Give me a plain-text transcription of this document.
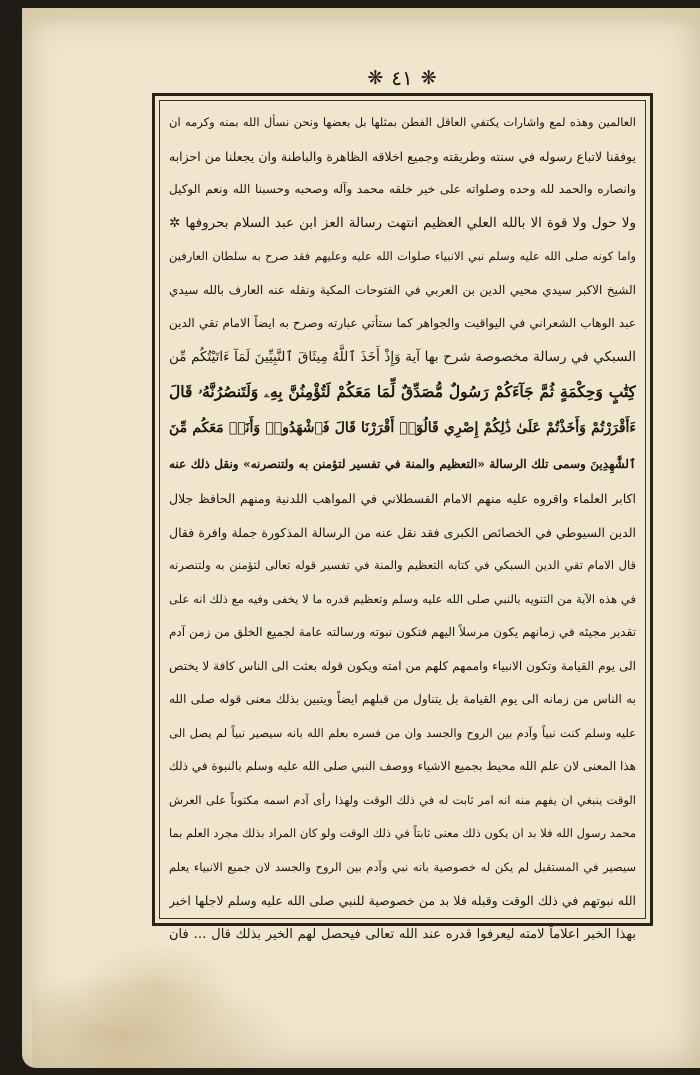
❋ ٤١ ❋
العالمين وهذه لمع واشارات يكتفي العاقل الفطن بمثلها بل بعضها ونحن نسأل الله بمنه وكرمه ان
يوفقنا لاتباع رسوله في سنته وطريقته وجميع اخلاقه الظاهرة والباطنة وان يجعلنا من احزابه
وانصاره والحمد لله وحده وصلواته على خير خلقه محمد وآله وصحبه وحسبنا الله ونعم الوكيل
ولا حول ولا قوة الا بالله العلي العظيم انتهت رسالة العز ابن عبد السلام بحروفها ✲
واما كونه صلى الله عليه وسلم نبي الانبياء صلوات الله عليه وعليهم فقد صرح به سلطان العارفين
الشيخ الاكبر سيدي محيي الدين بن العربي في الفتوحات المكية ونقله عنه العارف بالله سيدي
عبد الوهاب الشعراني في اليواقيت والجواهر كما ستأتي عبارته وصرح به ايضاً الامام تقي الدين
السبكي في رسالة مخصوصة شرح بها آية وَإِذْ أَخَذَ ٱللَّهُ مِيثَاقَ ٱلنَّبِيِّينَ لَمَآ ءَاتَيْتُكُم مِّن
كِتَٰبٍ وَحِكْمَةٍ ثُمَّ جَآءَكُمْ رَسُولٌ مُّصَدِّقٌ لِّمَا مَعَكُمْ لَتُؤْمِنُنَّ بِهِۦ وَلَتَنصُرُنَّهُۥ قَالَ
ءَأَقْرَرْتُمْ وَأَخَذْتُمْ عَلَىٰ ذَٰلِكُمْ إِصْرِي قَالُوٓا۟ أَقْرَرْنَا قَالَ فَٱشْهَدُوا۟ وَأَنَا۠ مَعَكُم مِّنَ
ٱلشَّٰهِدِينَ وسمى تلك الرسالة «التعظيم والمنة في تفسير لتؤمنن به ولتنصرنه» ونقل ذلك عنه
اكابر العلماء واقروه عليه منهم الامام القسطلاني في المواهب اللدنية ومنهم الحافظ جلال
الدين السيوطي في الخصائص الكبرى فقد نقل عنه من الرسالة المذكورة جملة وافرة فقال
قال الامام تقي الدين السبكي في كتابه التعظيم والمنة في تفسير قوله تعالى لتؤمنن به ولتنصرنه
في هذه الآية من التنويه بالنبي صلى الله عليه وسلم وتعظيم قدره ما لا يخفى وفيه مع ذلك انه على
تقدير مجيئه في زمانهم يكون مرسلاً اليهم فتكون نبوته ورسالته عامة لجميع الخلق من زمن آدم
الى يوم القيامة وتكون الانبياء واممهم كلهم من امته ويكون قوله بعثت الى الناس كافة لا يختص
به الناس من زمانه الى يوم القيامة بل يتناول من قبلهم ايضاً ويتبين بذلك معنى قوله صلى الله
عليه وسلم كنت نبياً وآدم بين الروح والجسد وان من فسره بعلم الله بانه سيصير نبياً لم يصل الى
هذا المعنى لان علم الله محيط بجميع الاشياء ووصف النبي صلى الله عليه وسلم بالنبوة في ذلك
الوقت ينبغي ان يفهم منه انه امر ثابت له في ذلك الوقت ولهذا رأى آدم اسمه مكتوباً على العرش
محمد رسول الله فلا بد ان يكون ذلك معنى ثابتاً في ذلك الوقت ولو كان المراد بذلك مجرد العلم بما
سيصير في المستقبل لم يكن له خصوصية بانه نبي وآدم بين الروح والجسد لان جميع الانبياء يعلم
الله نبوتهم في ذلك الوقت وقبله فلا بد من خصوصية للنبي صلى الله عليه وسلم لاجلها اخبر
بهذا الخبر اعلاماً لامته ليعرفوا قدره عند الله تعالى فيحصل لهم الخير بذلك قال … فان
